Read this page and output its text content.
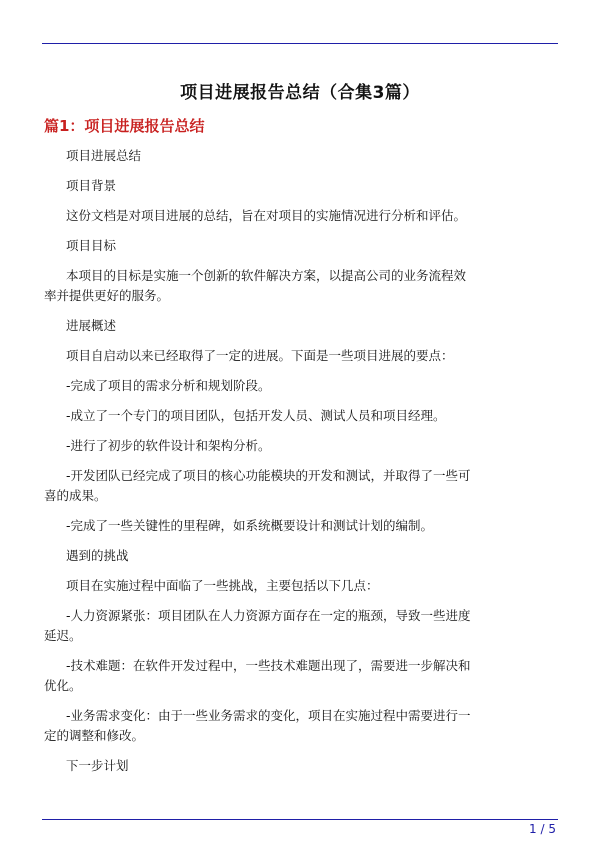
项目进展报告总结（合集3篇）
篇1：项目进展报告总结

项目进展总结

项目背景

这份文档是对项目进展的总结，旨在对项目的实施情况进行分析和评估。

项目目标

本项目的目标是实施一个创新的软件解决方案，以提高公司的业务流程效率并提供更好的服务。

进展概述

项目自启动以来已经取得了一定的进展。下面是一些项目进展的要点：

-完成了项目的需求分析和规划阶段。

-成立了一个专门的项目团队，包括开发人员、测试人员和项目经理。

-进行了初步的软件设计和架构分析。

-开发团队已经完成了项目的核心功能模块的开发和测试，并取得了一些可喜的成果。

-完成了一些关键性的里程碑，如系统概要设计和测试计划的编制。

遇到的挑战

项目在实施过程中面临了一些挑战，主要包括以下几点：

-人力资源紧张：项目团队在人力资源方面存在一定的瓶颈，导致一些进度延迟。

-技术难题：在软件开发过程中，一些技术难题出现了，需要进一步解决和优化。

-业务需求变化：由于一些业务需求的变化，项目在实施过程中需要进行一定的调整和修改。

下一步计划

1 / 5
